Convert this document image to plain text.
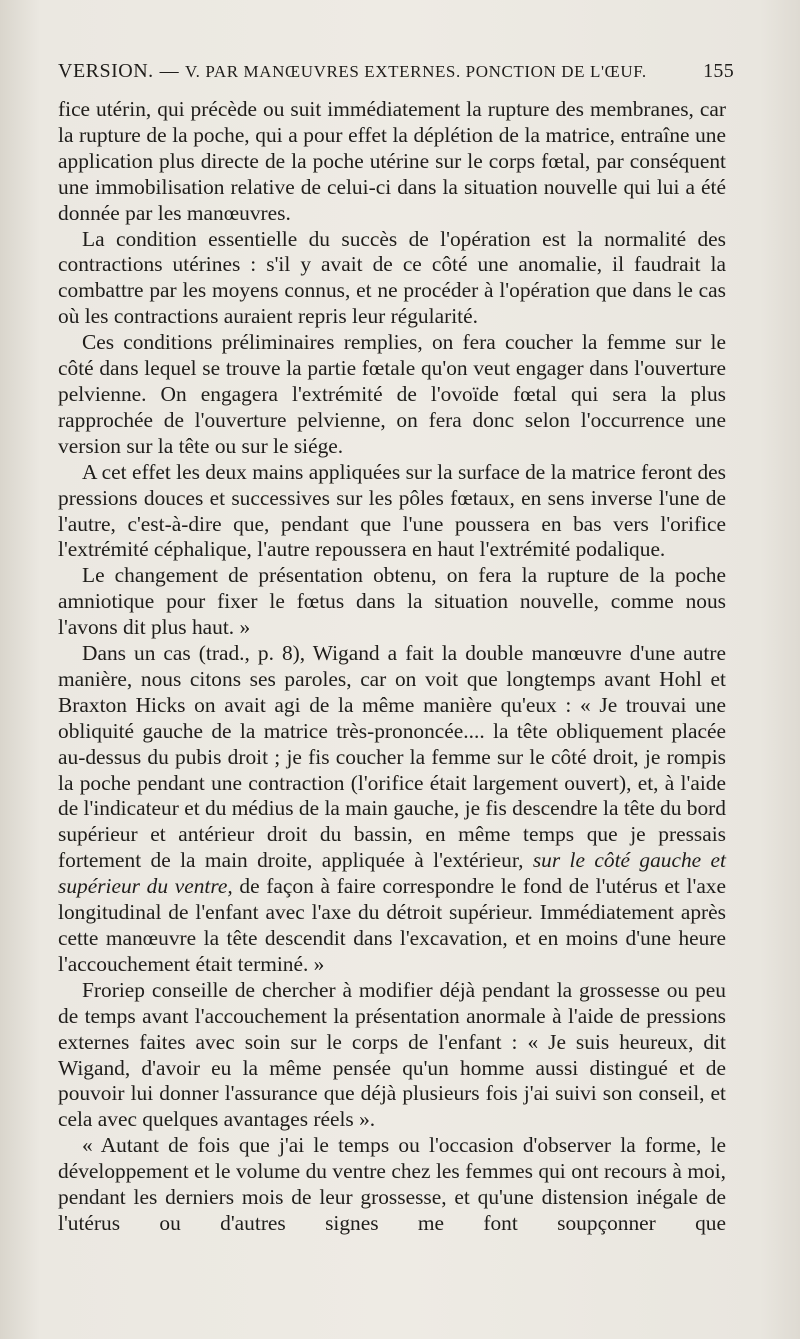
VERSION. — V. PAR MANŒUVRES EXTERNES. PONCTION DE L'ŒUF.	155

fice utérin, qui précède ou suit immédiatement la rupture des membranes, car la rupture de la poche, qui a pour effet la déplétion de la matrice, entraîne une application plus directe de la poche utérine sur le corps fœtal, par conséquent une immobilisation relative de celui-ci dans la situation nouvelle qui lui a été donnée par les manœuvres.

La condition essentielle du succès de l'opération est la normalité des contractions utérines : s'il y avait de ce côté une anomalie, il faudrait la combattre par les moyens connus, et ne procéder à l'opération que dans le cas où les contractions auraient repris leur régularité.

Ces conditions préliminaires remplies, on fera coucher la femme sur le côté dans lequel se trouve la partie fœtale qu'on veut engager dans l'ouverture pelvienne. On engagera l'extrémité de l'ovoïde fœtal qui sera la plus rapprochée de l'ouverture pelvienne, on fera donc selon l'occurrence une version sur la tête ou sur le siége.

A cet effet les deux mains appliquées sur la surface de la matrice feront des pressions douces et successives sur les pôles fœtaux, en sens inverse l'une de l'autre, c'est-à-dire que, pendant que l'une poussera en bas vers l'orifice l'extrémité céphalique, l'autre repoussera en haut l'extrémité podalique.

Le changement de présentation obtenu, on fera la rupture de la poche amniotique pour fixer le fœtus dans la situation nouvelle, comme nous l'avons dit plus haut. »

Dans un cas (trad., p. 8), Wigand a fait la double manœuvre d'une autre manière, nous citons ses paroles, car on voit que longtemps avant Hohl et Braxton Hicks on avait agi de la même manière qu'eux : « Je trouvai une obliquité gauche de la matrice très-prononcée.... la tête obliquement placée au-dessus du pubis droit ; je fis coucher la femme sur le côté droit, je rompis la poche pendant une contraction (l'orifice était largement ouvert), et, à l'aide de l'indicateur et du médius de la main gauche, je fis descendre la tête du bord supérieur et antérieur droit du bassin, en même temps que je pressais fortement de la main droite, appliquée à l'extérieur, sur le côté gauche et supérieur du ventre, de façon à faire correspondre le fond de l'utérus et l'axe longitudinal de l'enfant avec l'axe du détroit supérieur. Immédiatement après cette manœuvre la tête descendit dans l'excavation, et en moins d'une heure l'accouchement était terminé. »

Froriep conseille de chercher à modifier déjà pendant la grossesse ou peu de temps avant l'accouchement la présentation anormale à l'aide de pressions externes faites avec soin sur le corps de l'enfant : « Je suis heureux, dit Wigand, d'avoir eu la même pensée qu'un homme aussi distingué et de pouvoir lui donner l'assurance que déjà plusieurs fois j'ai suivi son conseil, et cela avec quelques avantages réels ».

« Autant de fois que j'ai le temps ou l'occasion d'observer la forme, le développement et le volume du ventre chez les femmes qui ont recours à moi, pendant les derniers mois de leur grossesse, et qu'une distension inégale de l'utérus ou d'autres signes me font soupçonner que
